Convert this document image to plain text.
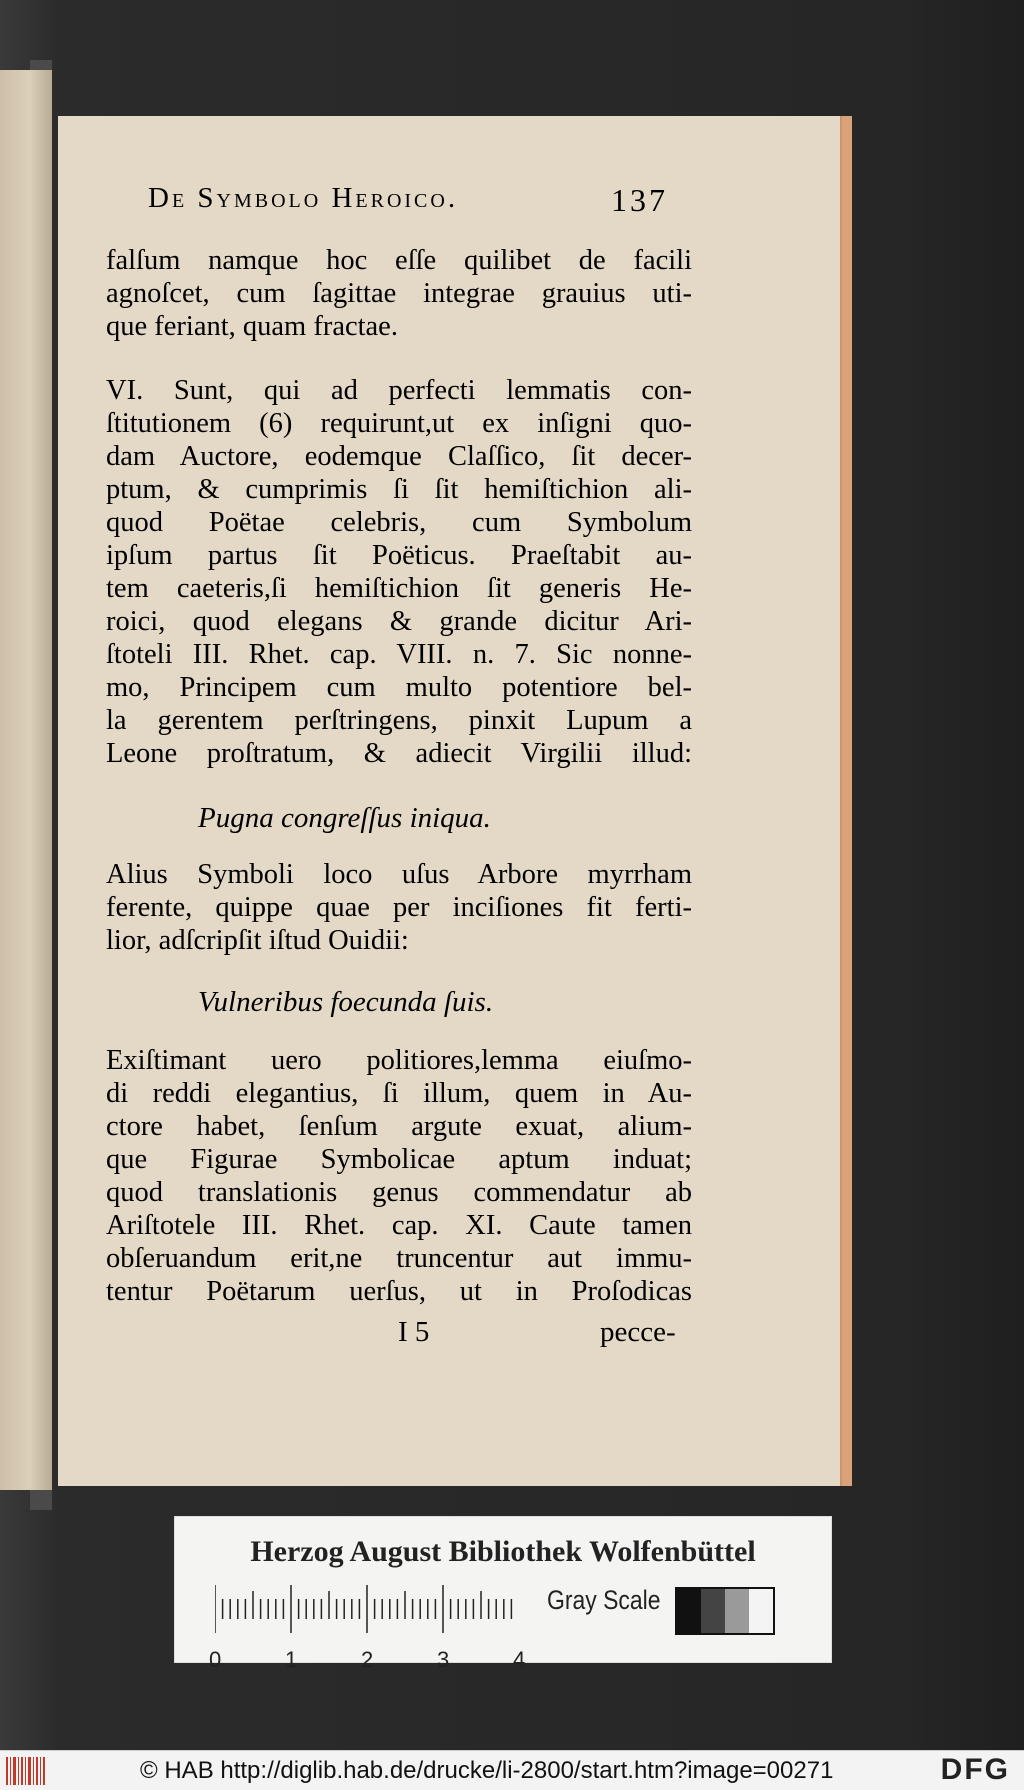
De Symbolo Heroico.	137
falſum namque hoc eſſe quilibet de facili
agnoſcet, cum ſagittae integrae grauius uti-
que feriant, quam fractae.
VI. Sunt, qui ad perfecti lemmatis con-
ſtitutionem (6) requirunt,ut ex inſigni quo-
dam Auctore, eodemque Claſſico, ſit decer-
ptum, & cumprimis ſi ſit hemiſtichion ali-
quod Poëtae celebris, cum Symbolum
ipſum partus ſit Poëticus. Praeſtabit au-
tem caeteris,ſi hemiſtichion ſit generis He-
roici, quod elegans & grande dicitur Ari-
ſtoteli III. Rhet. cap. VIII. n. 7. Sic nonne-
mo, Principem cum multo potentiore bel-
la gerentem perſtringens, pinxit Lupum a
Leone proſtratum, & adiecit Virgilii illud:
Pugna congreſſus iniqua.
Alius Symboli loco uſus Arbore myrrham
ferente, quippe quae per inciſiones fit ferti-
lior, adſcripſit iſtud Ouidii:
Vulneribus foecunda ſuis.
Exiſtimant uero politiores,lemma eiuſmo-
di reddi elegantius, ſi illum, quem in Au-
ctore habet, ſenſum argute exuat, alium-
que Figurae Symbolicae aptum induat;
quod translationis genus commendatur ab
Ariſtotele III. Rhet. cap. XI. Caute tamen
obſeruandum erit,ne truncentur aut immu-
tentur Poëtarum uerſus, ut in Proſodicas
I 5	pecce-
Herzog August Bibliothek Wolfenbüttel
0	1	2	3	4
Gray Scale
© HAB http://diglib.hab.de/drucke/li-2800/start.htm?image=00271	DFG
